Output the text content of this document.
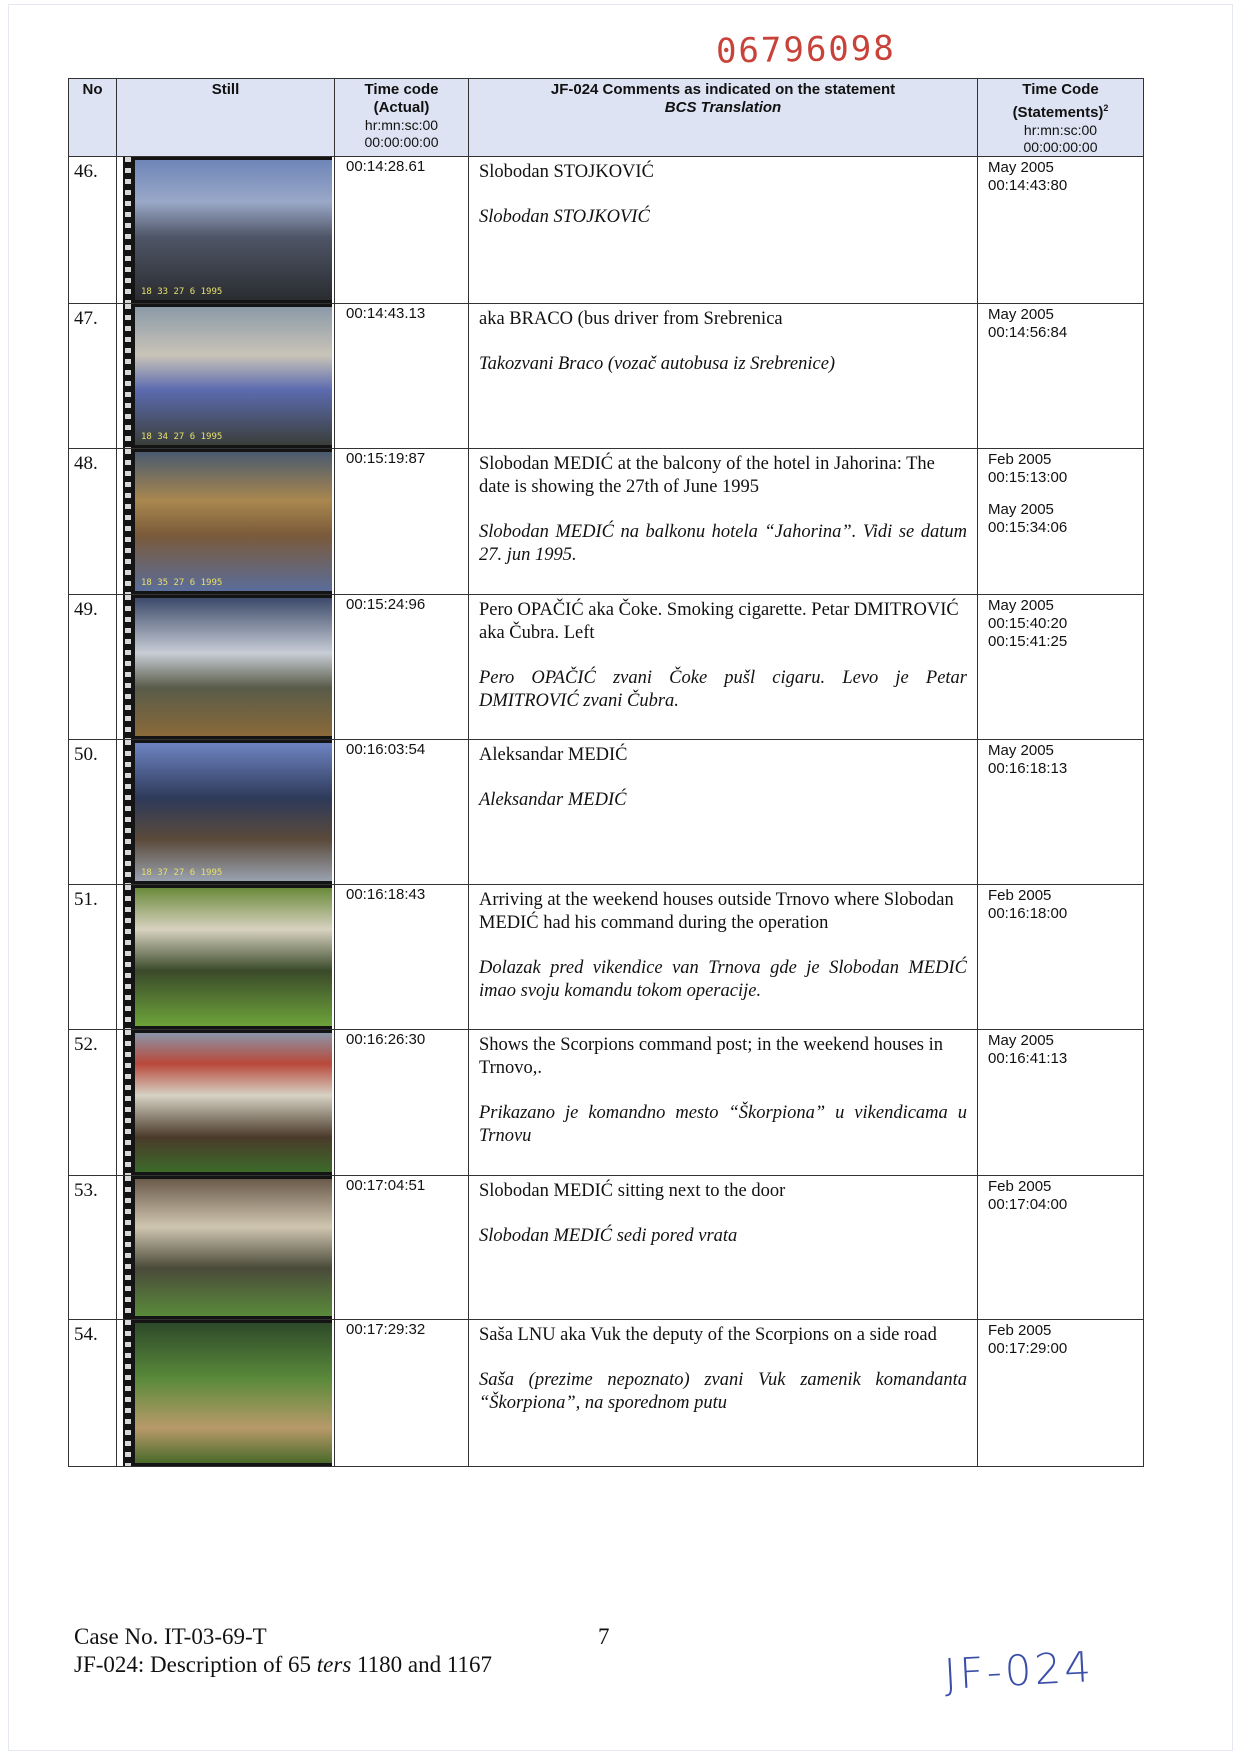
06796098
No	Still	Time code
(Actual)
hr:mn:sc:00
00:00:00:00	JF-024 Comments as indicated on the statement
BCS Translation	Time Code
(Statements)$^2$
hr:mn:sc:00
00:00:00:00

46.	18 33 27 6 1995	00:14:28.61	Slobodan STOJKOVIĆ
Slobodan STOJKOVIĆ	May 2005
00:14:43:80

47.	18 34 27 6 1995	00:14:43.13	aka BRACO (bus driver from Srebrenica
Takozvani Braco (vozač autobusa iz Srebrenice)	May 2005
00:14:56:84

48.	18 35 27 6 1995	00:15:19:87	Slobodan MEDIĆ at the balcony of the hotel in Jahorina: The date is showing the 27th of June 1995
Slobodan MEDIĆ na balkonu hotela “Jahorina”. Vidi se datum 27. jun 1995.	Feb 2005
00:15:13:00
May 2005
00:15:34:06

49.		00:15:24:96	Pero OPAČIĆ aka Čoke. Smoking cigarette. Petar DMITROVIĆ aka Čubra. Left
Pero OPAČIĆ zvani Čoke pušl cigaru. Levo je Petar DMITROVIĆ zvani Čubra.	May 2005
00:15:40:20
00:15:41:25

50.	18 37 27 6 1995	00:16:03:54	Aleksandar MEDIĆ
Aleksandar MEDIĆ	May 2005
00:16:18:13

51.		00:16:18:43	Arriving at the weekend houses outside Trnovo where Slobodan MEDIĆ had his command during the operation
Dolazak pred vikendice van Trnova gde je Slobodan MEDIĆ imao svoju komandu tokom operacije.	Feb 2005
00:16:18:00

52.		00:16:26:30	Shows the Scorpions command post; in the weekend houses in Trnovo,.
Prikazano je komandno mesto “Škorpiona” u vikendicama u Trnovu	May 2005
00:16:41:13

53.		00:17:04:51	Slobodan MEDIĆ sitting next to the door
Slobodan MEDIĆ sedi pored vrata	Feb 2005
00:17:04:00

54.		00:17:29:32	Saša LNU aka Vuk the deputy of the Scorpions on a side road
Saša (prezime nepoznato) zvani Vuk zamenik komandanta “Škorpiona”, na sporednom putu	Feb 2005
00:17:29:00
Case No. IT-03-69-T
JF-024: Description of 65 ters 1180 and 1167
7
JF-024
